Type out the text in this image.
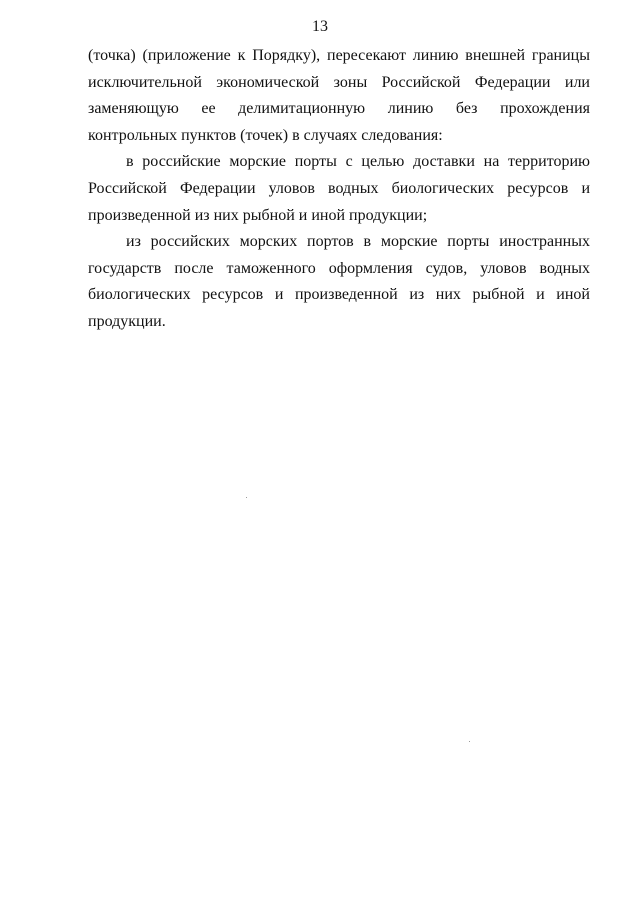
13

(точка) (приложение к Порядку), пересекают линию внешней границы исключительной экономической зоны Российской Федерации или заменяющую ее делимитационную линию без прохождения контрольных пунктов (точек) в случаях следования:

в российские морские порты с целью доставки на территорию Российской Федерации уловов водных биологических ресурсов и произведенной из них рыбной и иной продукции;

из российских морских портов в морские порты иностранных государств после таможенного оформления судов, уловов водных биологических ресурсов и произведенной из них рыбной и иной продукции.
